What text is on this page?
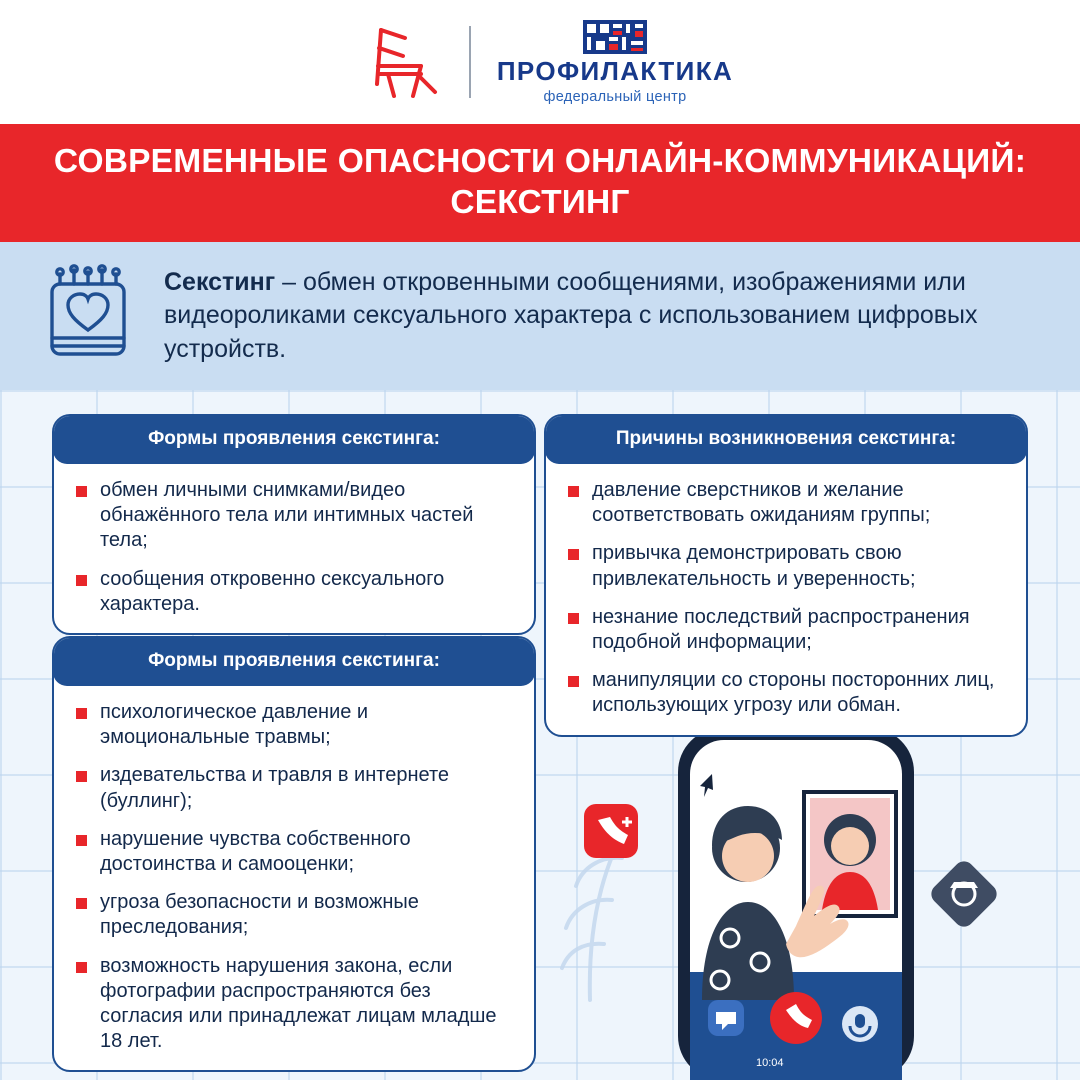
ПРОФИЛАКТИКА
федеральный центр
СОВРЕМЕННЫЕ ОПАСНОСТИ ОНЛАЙН-КОММУНИКАЦИЙ:
СЕКСТИНГ
Секстинг – обмен откровенными сообщениями, изображениями или видеороликами сексуального характера с использованием цифровых устройств.
10:04
Формы проявления секстинга:
обмен личными снимками/видео обнажённого тела или интимных частей тела;
сообщения откровенно сексуального характера.
Причины возникновения секстинга:
давление сверстников и желание соответствовать ожиданиям группы;
привычка демонстрировать свою привлекательность и уверенность;
незнание последствий распространения подобной информации;
манипуляции со стороны посторонних лиц, использующих угрозу или обман.
Формы проявления секстинга:
психологическое давление и эмоциональные травмы;
издевательства и травля в интернете (буллинг);
нарушение чувства собственного достоинства и самооценки;
угроза безопасности и возможные преследования;
возможность нарушения закона, если фотографии распространяются без согласия или принадлежат лицам младше 18 лет.
